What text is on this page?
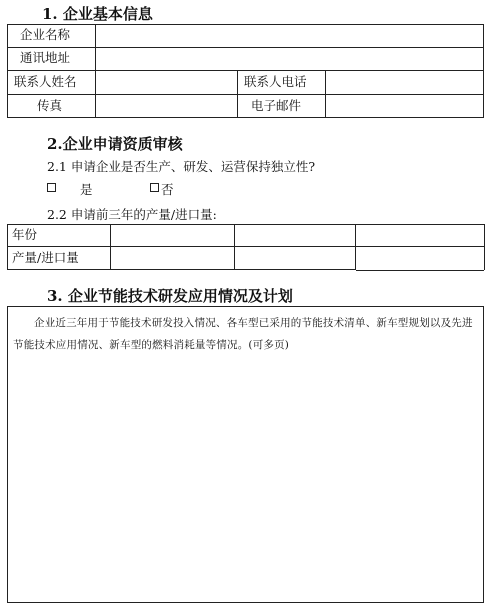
1. 企业基本信息
企业名称
通讯地址
联系人姓名	联系人电话
传真	电子邮件
2.企业申请资质审核
2.1 申请企业是否生产、研发、运营保持独立性?
是	否
2.2 申请前三年的产量/进口量:
年份
产量/进口量
3. 企业节能技术研发应用情况及计划
企业近三年用于节能技术研发投入情况、各车型已采用的节能技术清单、新车型规划以及先进节能技术应用情况、新车型的燃料消耗量等情况。(可多页)
